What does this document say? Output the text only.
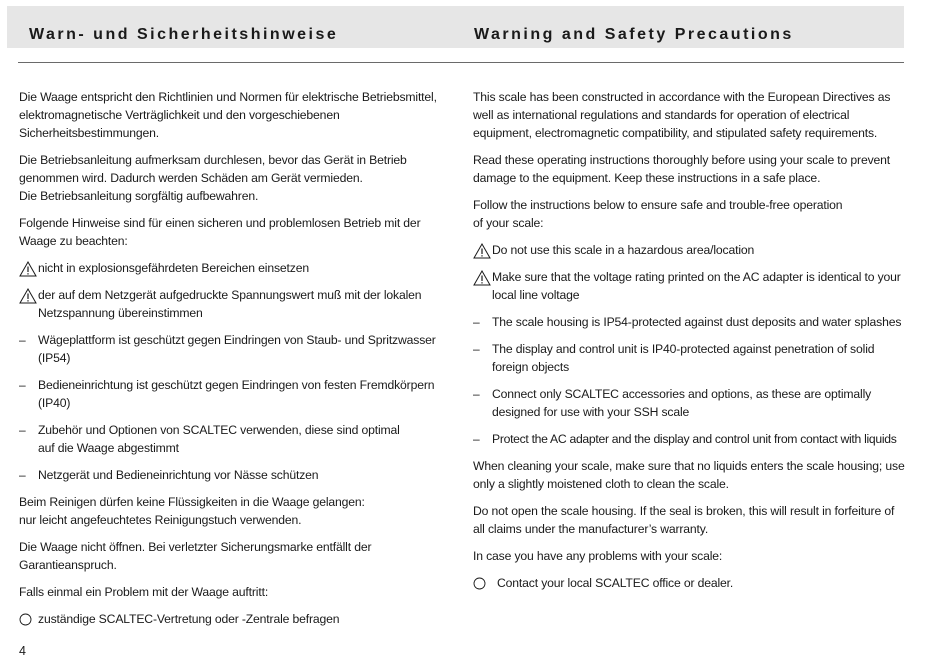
Warn- und Sicherheitshinweise	Warning and Safety Precautions
Die Waage entspricht den Richtlinien und Normen für elektrische Betriebsmittel, elektromagnetische Verträglichkeit und den vorgeschiebenen Sicherheitsbestimmungen.
Die Betriebsanleitung aufmerksam durchlesen, bevor das Gerät in Betrieb genommen wird. Dadurch werden Schäden am Gerät vermieden.
Die Betriebsanleitung sorgfältig aufbewahren.
Folgende Hinweise sind für einen sicheren und problemlosen Betrieb mit der Waage zu beachten:
nicht in explosionsgefährdeten Bereichen einsetzen
der auf dem Netzgerät aufgedruckte Spannungswert muß mit der lokalen Netzspannung übereinstimmen
–	Wägeplattform ist geschützt gegen Eindringen von Staub- und Spritzwasser (IP54)
–	Bedieneinrichtung ist geschützt gegen Eindringen von festen Fremdkörpern (IP40)
–	Zubehör und Optionen von SCALTEC verwenden, diese sind optimal
auf die Waage abgestimmt
–	Netzgerät und Bedieneinrichtung vor Nässe schützen
Beim Reinigen dürfen keine Flüssigkeiten in die Waage gelangen:
nur leicht angefeuchtetes Reinigungstuch verwenden.
Die Waage nicht öffnen. Bei verletzter Sicherungsmarke entfällt der Garantieanspruch.
Falls einmal ein Problem mit der Waage auftritt:
zuständige SCALTEC-Vertretung oder -Zentrale befragen
This scale has been constructed in accordance with the European Directives as well as international regulations and standards for operation of electrical equipment, electromagnetic compatibility, and stipulated safety requirements.
Read these operating instructions thoroughly before using your scale to prevent damage to the equipment. Keep these instructions in a safe place.
Follow the instructions below to ensure safe and trouble-free operation
of your scale:
Do not use this scale in a hazardous area/location
Make sure that the voltage rating printed on the AC adapter is identical to your local line voltage
–	The scale housing is IP54-protected against dust deposits and water splashes
–	The display and control unit is IP40-protected against penetration of solid foreign objects
–	Connect only SCALTEC accessories and options, as these are optimally designed for use with your SSH scale
–	Protect the AC adapter and the display and control unit from contact with liquids
When cleaning your scale, make sure that no liquids enters the scale housing; use only a slightly moistened cloth to clean the scale.
Do not open the scale housing. If the seal is broken, this will result in forfeiture of all claims under the manufacturer’s warranty.
In case you have any problems with your scale:
Contact your local SCALTEC office or dealer.
4
